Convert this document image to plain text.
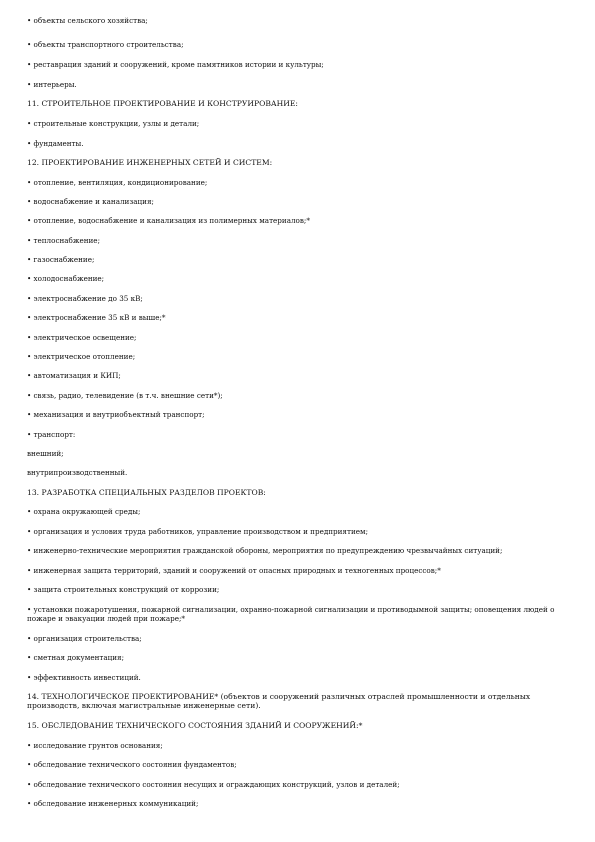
• объекты сельского хозяйства;
• объекты транспортного строительства;
• реставрация зданий и сооружений, кроме памятников истории и культуры;
• интерьеры.
11. СТРОИТЕЛЬНОЕ ПРОЕКТИРОВАНИЕ И КОНСТРУИРОВАНИЕ:
• строительные конструкции, узлы и детали;
• фундаменты.
12. ПРОЕКТИРОВАНИЕ ИНЖЕНЕРНЫХ СЕТЕЙ И СИСТЕМ:
• отопление, вентиляция, кондиционирование;
• водоснабжение и канализация;
• отопление, водоснабжение и канализация из полимерных материалов;*
• теплоснабжение;
• газоснабжение;
• холодоснабжение;
• электроснабжение до 35 кВ;
• электроснабжение 35 кВ и выше;*
• электрическое освещение;
• электрическое отопление;
• автоматизация и КИП;
• связь, радио, телевидение (в т.ч. внешние сети*);
• механизация и внутриобъектный транспорт;
• транспорт:
внешний;
внутрипроизводственный.
13. РАЗРАБОТКА СПЕЦИАЛЬНЫХ РАЗДЕЛОВ ПРОЕКТОВ:
• охрана окружающей среды;
• организация и условия труда работников, управление производством и предприятием;
• инженерно-технические мероприятия гражданской обороны, мероприятия по предупреждению чрезвычайных ситуаций;
• инженерная защита территорий, зданий и сооружений от опасных природных и техногенных процессов;*
• защита строительных конструкций от коррозии;
• установки пожаротушения, пожарной сигнализации, охранно-пожарной сигнализации и противодымной защиты; оповещения людей о пожаре и эвакуации людей при пожаре;*
• организация строительства;
• сметная документация;
• эффективность инвестиций.
14. ТЕХНОЛОГИЧЕСКОЕ ПРОЕКТИРОВАНИЕ* (объектов и сооружений различных отраслей промышленности и отдельных производств, включая магистральные инженерные сети).
15. ОБСЛЕДОВАНИЕ ТЕХНИЧЕСКОГО СОСТОЯНИЯ ЗДАНИЙ И СООРУЖЕНИЙ:*
• исследование грунтов основания;
• обследование технического состояния фундаментов;
• обследование технического состояния несущих и ограждающих конструкций, узлов и деталей;
• обследование инженерных коммуникаций;
